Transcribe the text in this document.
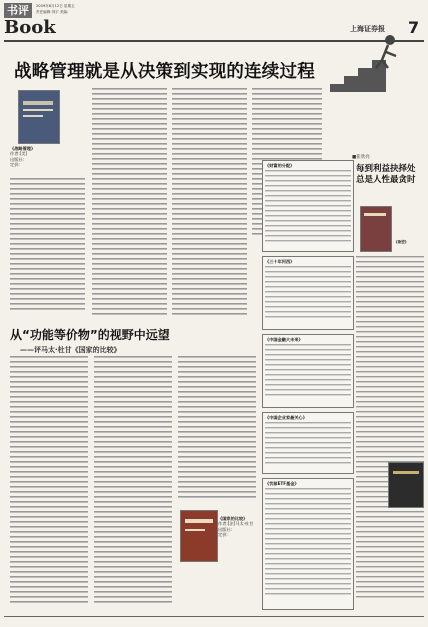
书评
Book
2009年6月12日 星期五
责任编辑:刘宇 美编:
上海证券报 7
战略管理就是从决策到实现的连续过程
《战略管理》
作者:[美]
出版社:
定价:
■崔欣亮
《财富的分配》
《三十年河西》
《中国金融大未来》
《中国企业家最关心》
《忧郁ETF基金》
每到利益抉择处 总是人性最贪时
《欲望》
从“功能等价物”的视野中远望
——评马太·杜甘《国家的比较》
《国家的比较》
作者:[法]马太·杜甘
出版社:
定价:
